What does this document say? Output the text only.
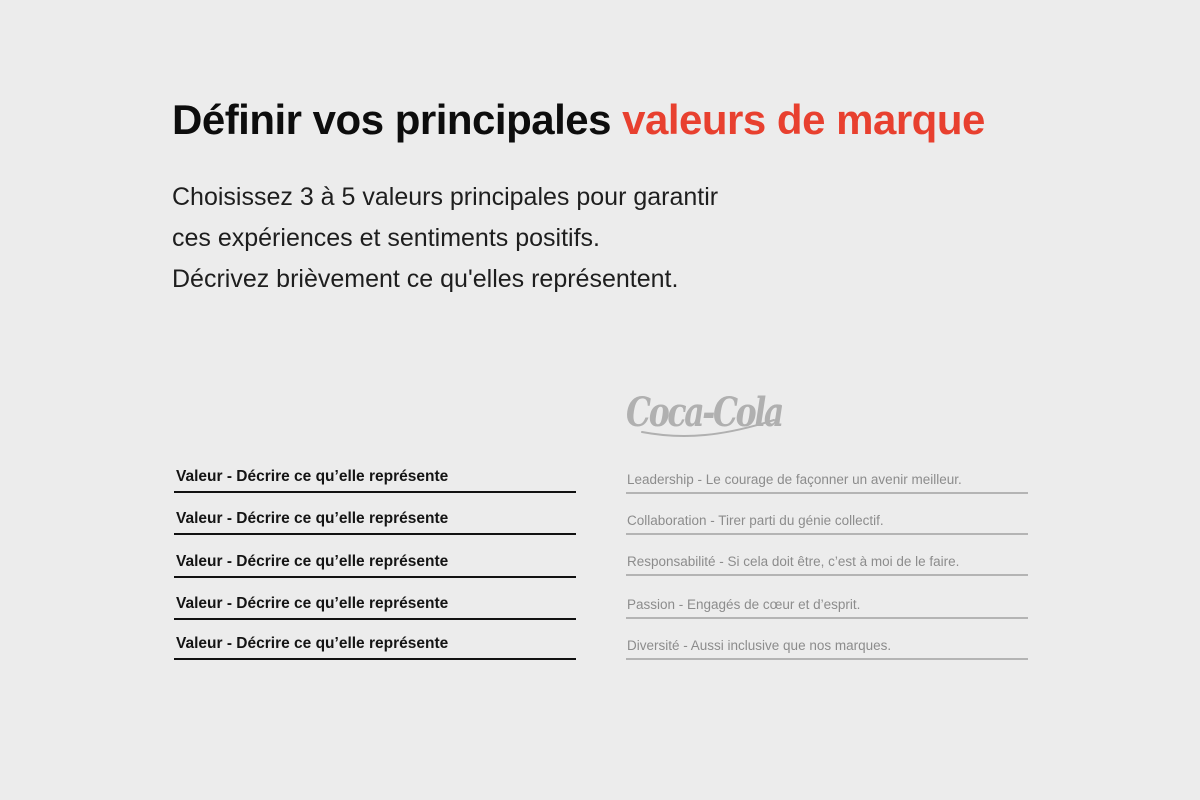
Définir vos principales valeurs de marque
Choisissez 3 à 5 valeurs principales pour garantir
ces expériences et sentiments positifs.
Décrivez brièvement ce qu'elles représentent.
Coca-Cola
Valeur - Décrire ce qu’elle représente
Valeur - Décrire ce qu’elle représente
Valeur - Décrire ce qu’elle représente
Valeur - Décrire ce qu’elle représente
Valeur - Décrire ce qu’elle représente
Leadership - Le courage de façonner un avenir meilleur.
Collaboration - Tirer parti du génie collectif.
Responsabilité - Si cela doit être, c’est à moi de le faire.
Passion - Engagés de cœur et d’esprit.
Diversité - Aussi inclusive que nos marques.
